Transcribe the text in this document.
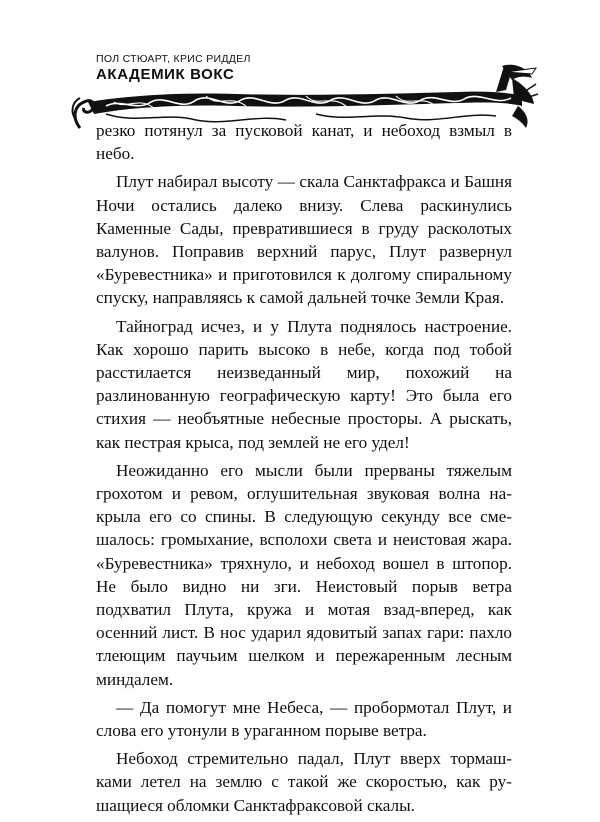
ПОЛ СТЮАРТ, КРИС РИДДЕЛ
АКАДЕМИК ВОКС

резко потянул за пусковой канат, и небоход взмыл в небо.

Плут набирал высоту — скала Санктафракса и Башня Ночи остались далеко внизу. Слева раскинулись Каменные Сады, превратившиеся в груду расколотых валунов. Поправив верхний парус, Плут развернул «Буревестника» и приготовился к долгому спиральному спуску, направляясь к самой дальней точке Земли Края.

Тайноград исчез, и у Плута поднялось настроение. Как хорошо парить высоко в небе, когда под тобой расстилается неизведанный мир, похожий на разлинованную географическую карту! Это была его стихия — необъятные небесные просторы. А рыскать, как пестрая крыса, под землей не его удел!

Неожиданно его мысли были прерваны тяжелым грохотом и ревом, оглушительная звуковая волна накрыла его со спины. В следующую секунду все смешалось: громыхание, всполохи света и неистовая жара. «Буревестника» тряхнуло, и небоход вошел в штопор. Не было видно ни зги. Неистовый порыв ветра подхватил Плута, кружа и мотая взад-вперед, как осенний лист. В нос ударил ядовитый запах гари: пахло тлеющим паучьим шелком и пережаренным лесным миндалем.

— Да помогут мне Небеса, — пробормотал Плут, и слова его утонули в ураганном порыве ветра.

Небоход стремительно падал, Плут вверх тормашками летел на землю с такой же скоростью, как рушащиеся обломки Санктафраксовой скалы.
